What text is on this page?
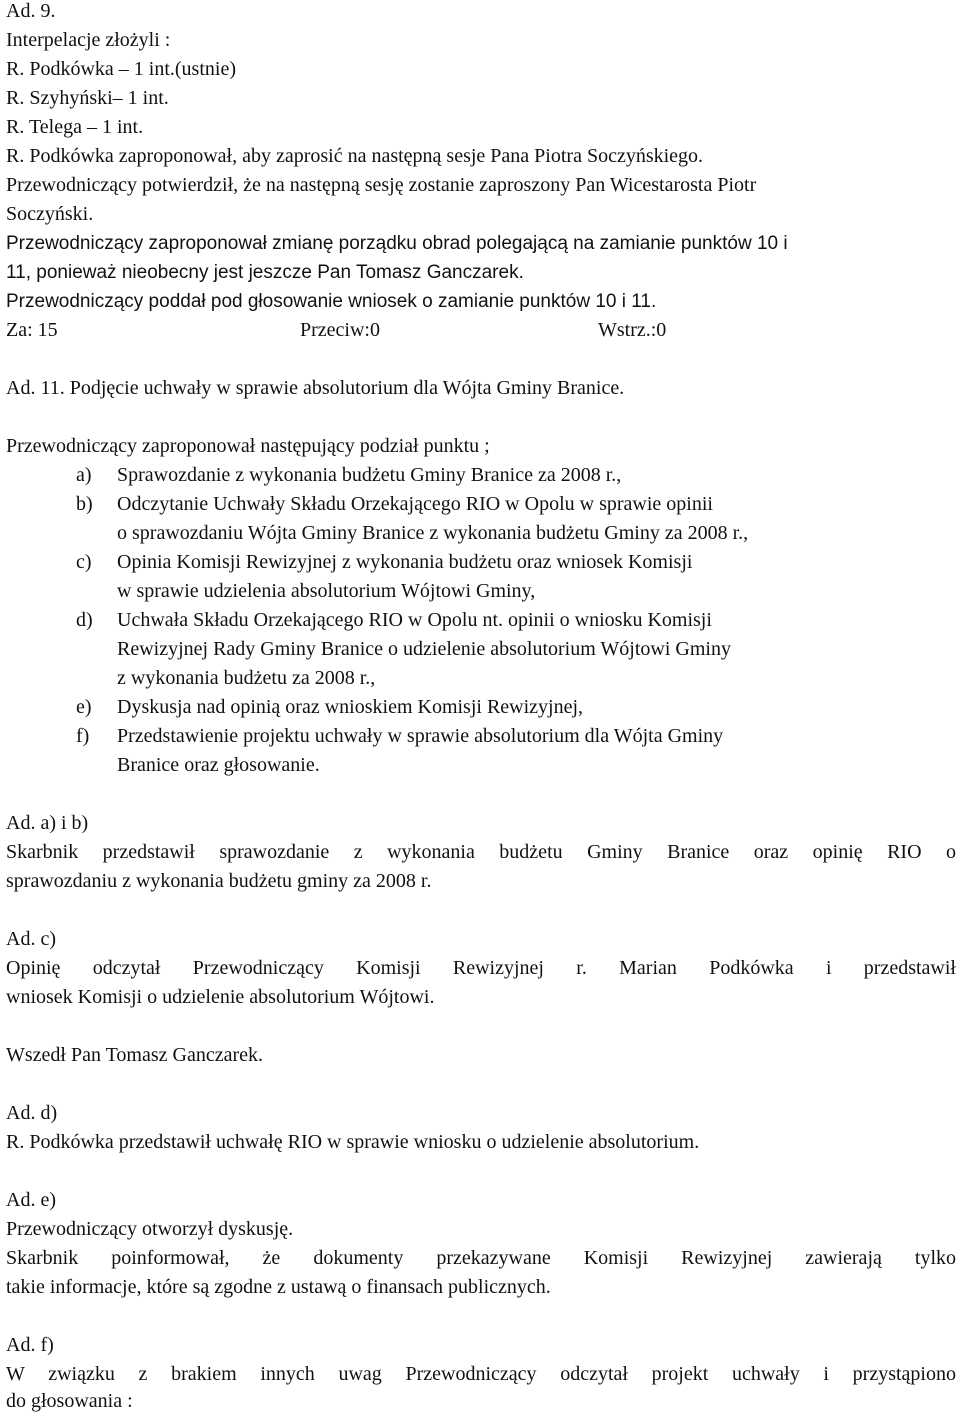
Ad. 9.
Interpelacje złożyli :
R. Podkówka – 1 int.(ustnie)
R. Szyhyński– 1 int.
R. Telega – 1 int.
R. Podkówka zaproponował, aby zaprosić na następną sesje Pana Piotra Soczyńskiego.
Przewodniczący potwierdził, że na następną sesję zostanie zaproszony Pan Wicestarosta Piotr
Soczyński.
Przewodniczący zaproponował zmianę porządku obrad polegającą na zamianie punktów 10 i
11, ponieważ nieobecny jest jeszcze Pan Tomasz Ganczarek.
Przewodniczący poddał pod głosowanie wniosek o zamianie punktów 10 i 11.
Za: 15	Przeciw:0	Wstrz.:0
Ad. 11. Podjęcie uchwały w sprawie absolutorium dla Wójta Gminy Branice.
Przewodniczący zaproponował następujący podział punktu ;
a) Sprawozdanie z wykonania budżetu Gminy Branice za 2008 r.,
b) Odczytanie Uchwały Składu Orzekającego RIO w Opolu w sprawie opinii
o sprawozdaniu Wójta Gminy Branice z wykonania budżetu Gminy za 2008 r.,
c) Opinia Komisji Rewizyjnej z wykonania budżetu oraz wniosek Komisji
w sprawie udzielenia absolutorium Wójtowi Gminy,
d) Uchwała Składu Orzekającego RIO w Opolu nt. opinii o wniosku Komisji
Rewizyjnej Rady Gminy Branice o udzielenie absolutorium Wójtowi Gminy
z wykonania budżetu za 2008 r.,
e) Dyskusja nad opinią oraz wnioskiem Komisji Rewizyjnej,
f) Przedstawienie projektu uchwały w sprawie absolutorium dla Wójta Gminy
Branice oraz głosowanie.
Ad. a) i b)
Skarbnik przedstawił sprawozdanie z wykonania budżetu Gminy Branice oraz opinię RIO o
sprawozdaniu z wykonania budżetu gminy za 2008 r.
Ad. c)
Opinię odczytał Przewodniczący Komisji Rewizyjnej r. Marian Podkówka i przedstawił
wniosek Komisji o udzielenie absolutorium Wójtowi.
Wszedł Pan Tomasz Ganczarek.
Ad. d)
R. Podkówka przedstawił uchwałę RIO w sprawie wniosku o udzielenie absolutorium.
Ad. e)
Przewodniczący otworzył dyskusję.
Skarbnik poinformował, że dokumenty przekazywane Komisji Rewizyjnej zawierają tylko
takie informacje, które są zgodne z ustawą o finansach publicznych.
Ad. f)
W związku z brakiem innych uwag Przewodniczący odczytał projekt uchwały i przystąpiono
do głosowania :
